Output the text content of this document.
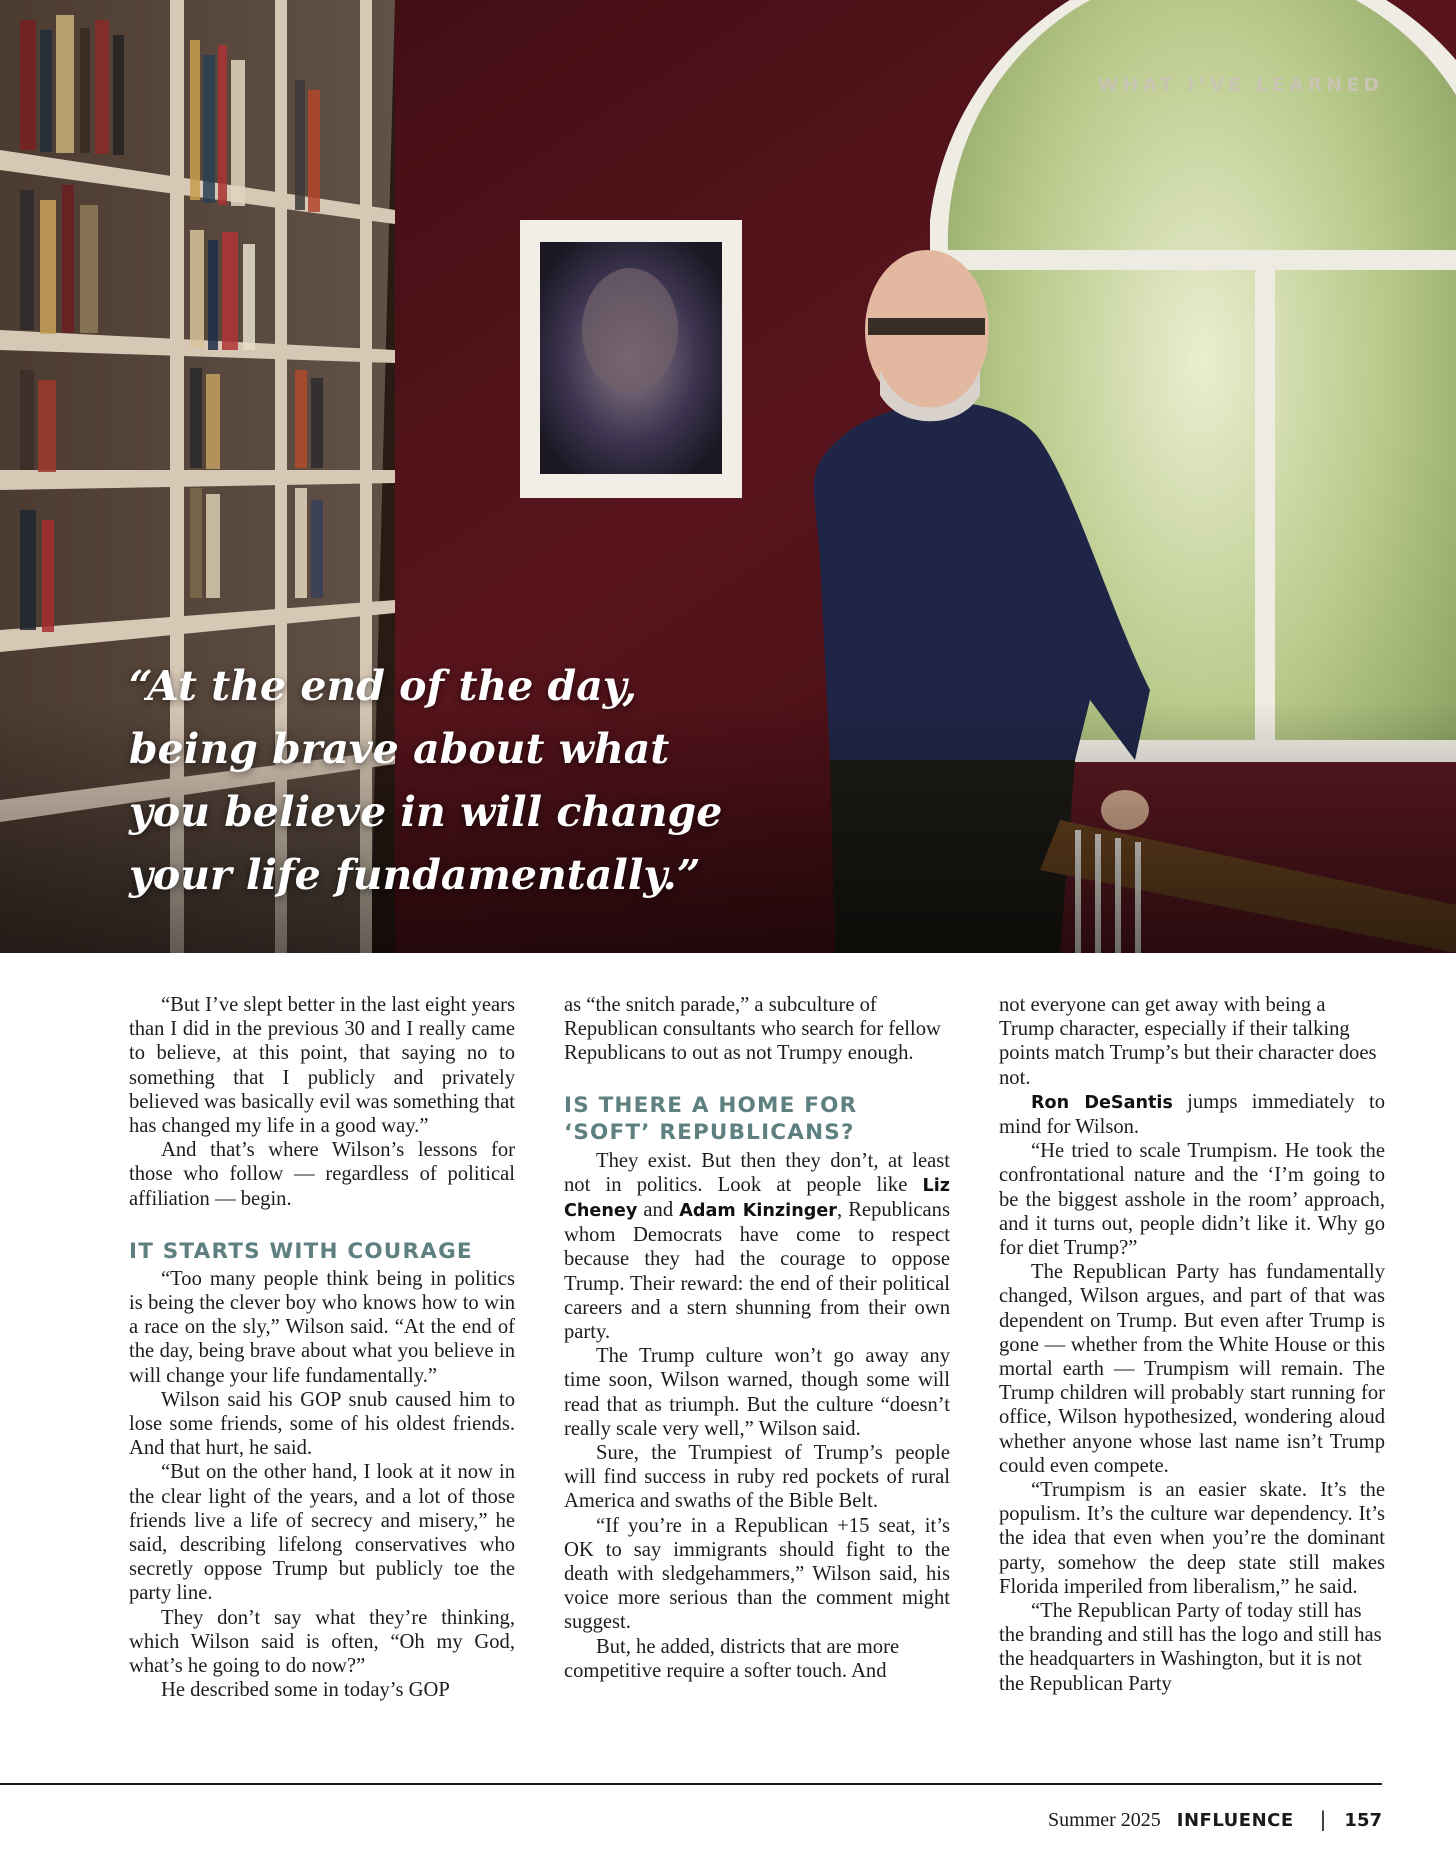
WHAT I’VE LEARNED

“At the end of the day, being brave about what you believe in will change your life fundamentally.”

“But I’ve slept better in the last eight years than I did in the previous 30 and I really came to believe, at this point, that saying no to something that I publicly and privately believed was basically evil was something that has changed my life in a good way.”

And that’s where Wilson’s lessons for those who follow — regardless of political affiliation — begin.

IT STARTS WITH COURAGE

“Too many people think being in politics is being the clever boy who knows how to win a race on the sly,” Wilson said. “At the end of the day, being brave about what you believe in will change your life fundamentally.”

Wilson said his GOP snub caused him to lose some friends, some of his oldest friends. And that hurt, he said.

“But on the other hand, I look at it now in the clear light of the years, and a lot of those friends live a life of secrecy and misery,” he said, describing lifelong conservatives who secretly oppose Trump but publicly toe the party line.

They don’t say what they’re thinking, which Wilson said is often, “Oh my God, what’s he going to do now?”

He described some in today’s GOP

as “the snitch parade,” a subculture of Republican consultants who search for fellow Republicans to out as not Trumpy enough.

IS THERE A HOME FOR ‘SOFT’ REPUBLICANS?

They exist. But then they don’t, at least not in politics. Look at people like Liz Cheney and Adam Kinzinger, Republicans whom Democrats have come to respect because they had the courage to oppose Trump. Their reward: the end of their political careers and a stern shunning from their own party.

The Trump culture won’t go away any time soon, Wilson warned, though some will read that as triumph. But the culture “doesn’t really scale very well,” Wilson said.

Sure, the Trumpiest of Trump’s people will find success in ruby red pockets of rural America and swaths of the Bible Belt.

“If you’re in a Republican +15 seat, it’s OK to say immigrants should fight to the death with sledgehammers,” Wilson said, his voice more serious than the comment might suggest.

But, he added, districts that are more competitive require a softer touch. And

not everyone can get away with being a Trump character, especially if their talking points match Trump’s but their character does not.

Ron DeSantis jumps immediately to mind for Wilson.

“He tried to scale Trumpism. He took the confrontational nature and the ‘I’m going to be the biggest asshole in the room’ approach, and it turns out, people didn’t like it. Why go for diet Trump?”

The Republican Party has fundamentally changed, Wilson argues, and part of that was dependent on Trump. But even after Trump is gone — whether from the White House or this mortal earth — Trumpism will remain. The Trump children will probably start running for office, Wilson hypothesized, wondering aloud whether anyone whose last name isn’t Trump could even compete.

“Trumpism is an easier skate. It’s the populism. It’s the culture war dependency. It’s the idea that even when you’re the dominant party, somehow the deep state still makes Florida imperiled from liberalism,” he said.

“The Republican Party of today still has the branding and still has the logo and still has the headquarters in Washington, but it is not the Republican Party

Summer 2025 INFLUENCE | 157
